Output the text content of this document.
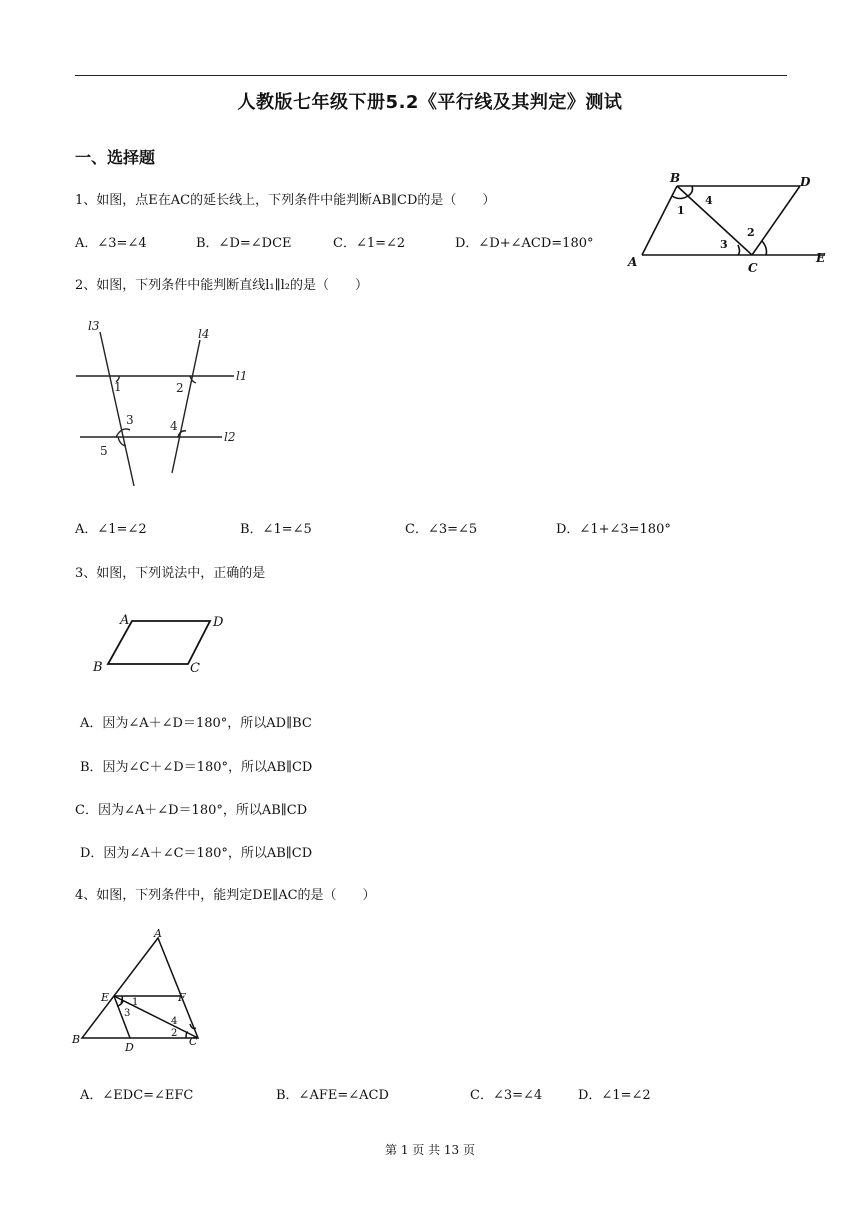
人教版七年级下册5.2《平行线及其判定》测试
一、选择题
1、如图，点E在AC的延长线上，下列条件中能判断AB∥CD的是（　　）
A．∠3=∠4	B．∠D=∠DCE	C．∠1=∠2	D．∠D+∠ACD=180°
B	D
A	C
E
1
4
3
2
2、如图，下列条件中能判断直线l₁∥l₂的是（　　）
l3
l4
l1
l2
1	2
3	4
5
A．∠1=∠2	B．∠1=∠5	C．∠3=∠5	D．∠1+∠3=180°
3、如图，下列说法中，正确的是
A	D
B	C
A．因为∠A＋∠D＝180°，所以AD∥BC
B．因为∠C＋∠D＝180°，所以AB∥CD
C．因为∠A＋∠D＝180°，所以AB∥CD
D．因为∠A＋∠C＝180°，所以AB∥CD
4、如图，下列条件中，能判定DE∥AC的是（　　）
A
E	F
B
D	C
1
3
2
4
A．∠EDC=∠EFC	B．∠AFE=∠ACD	C．∠3=∠4	D．∠1=∠2
第 1 页 共 13 页
